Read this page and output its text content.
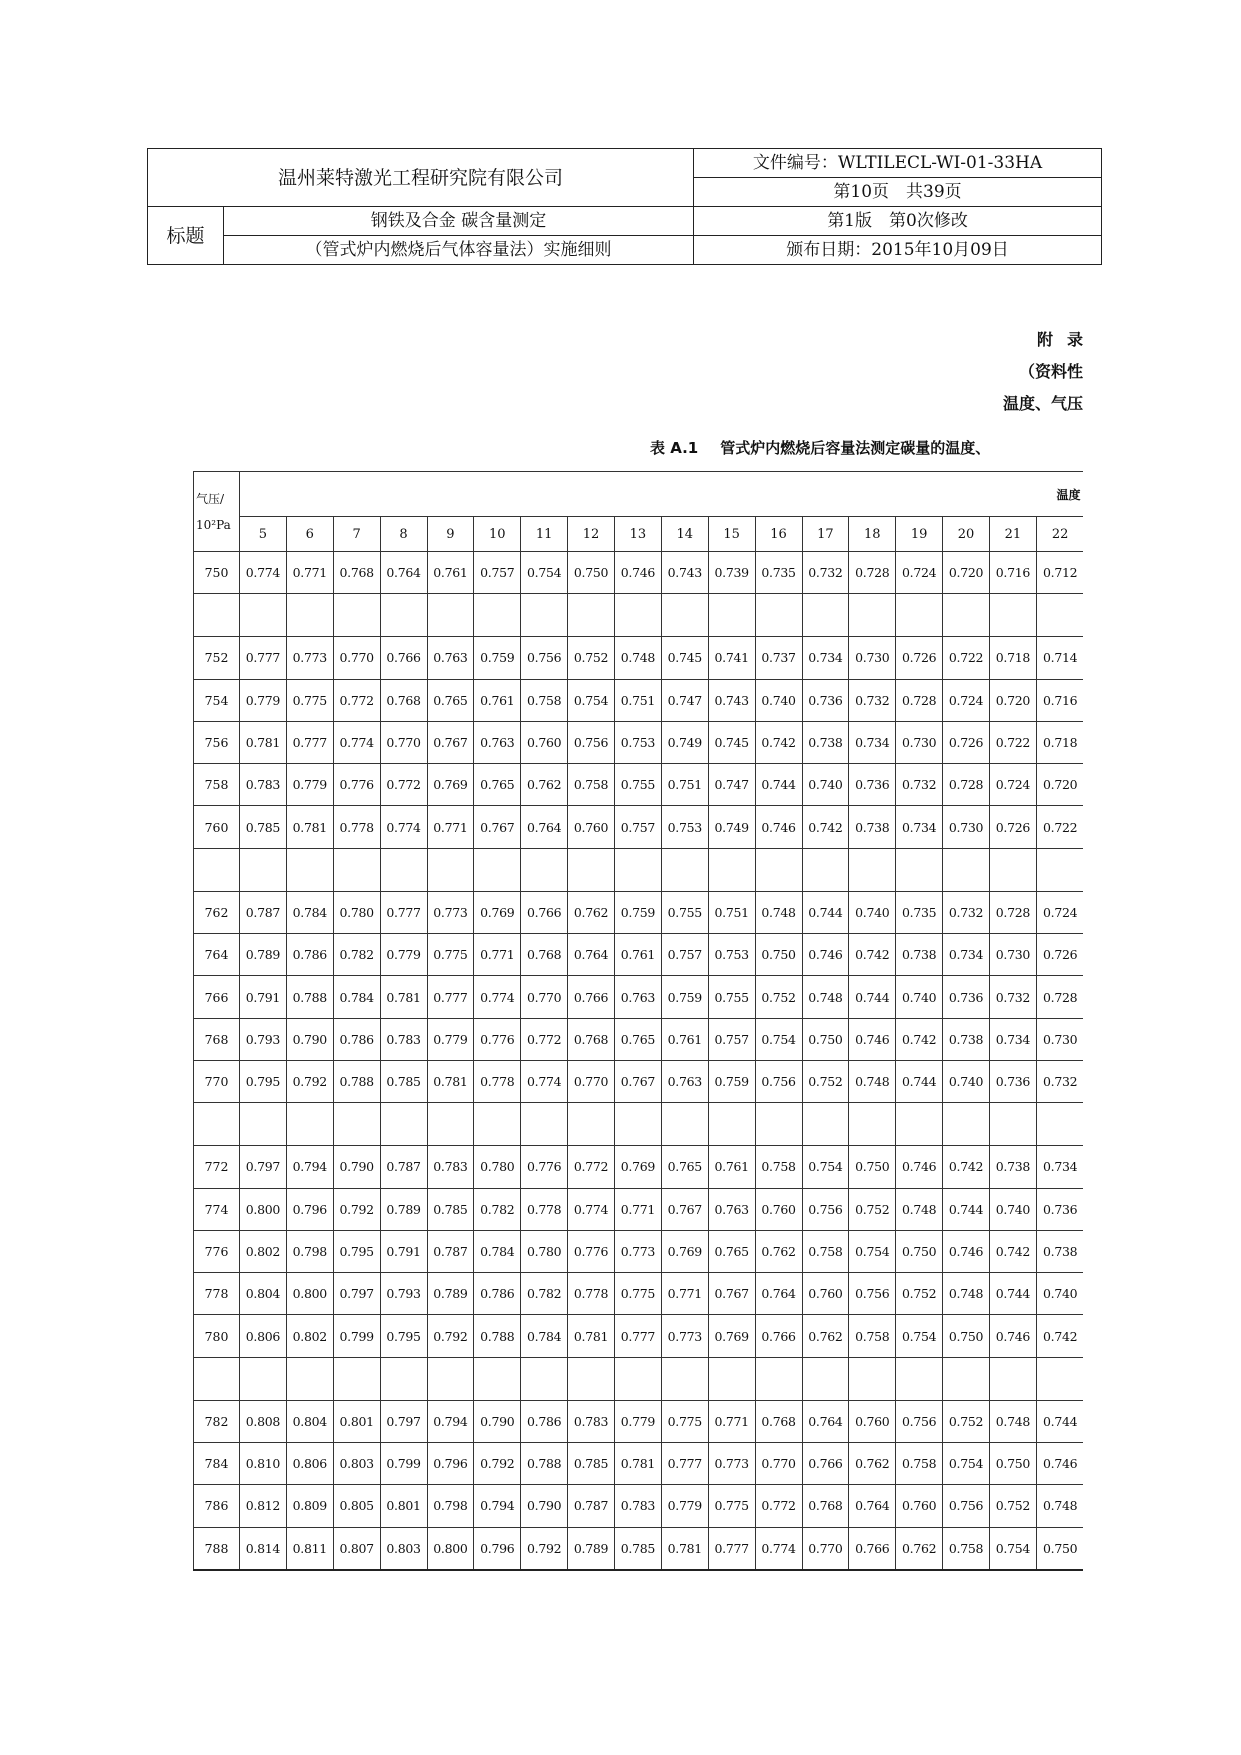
温州莱特激光工程研究院有限公司		文件编号：WLTILECL-WI-01-33HA
		第10页　共39页
标题	钢铁及合金 碳含量测定	第1版　第0次修改
	（管式炉内燃烧后气体容量法）实施细则	颁布日期：2015年10月09日
附录
（资料性
温度、气压
表 A.1 管式炉内燃烧后容量法测定碳量的温度、
气压/
10²Pa	温度																	
	5	6	7	8	9	10	11	12	13	14	15	16	17	18	19	20	21	22
750	0.774	0.771	0.768	0.764	0.761	0.757	0.754	0.750	0.746	0.743	0.739	0.735	0.732	0.728	0.724	0.720	0.716	0.712

752	0.777	0.773	0.770	0.766	0.763	0.759	0.756	0.752	0.748	0.745	0.741	0.737	0.734	0.730	0.726	0.722	0.718	0.714
754	0.779	0.775	0.772	0.768	0.765	0.761	0.758	0.754	0.751	0.747	0.743	0.740	0.736	0.732	0.728	0.724	0.720	0.716
756	0.781	0.777	0.774	0.770	0.767	0.763	0.760	0.756	0.753	0.749	0.745	0.742	0.738	0.734	0.730	0.726	0.722	0.718
758	0.783	0.779	0.776	0.772	0.769	0.765	0.762	0.758	0.755	0.751	0.747	0.744	0.740	0.736	0.732	0.728	0.724	0.720
760	0.785	0.781	0.778	0.774	0.771	0.767	0.764	0.760	0.757	0.753	0.749	0.746	0.742	0.738	0.734	0.730	0.726	0.722

762	0.787	0.784	0.780	0.777	0.773	0.769	0.766	0.762	0.759	0.755	0.751	0.748	0.744	0.740	0.735	0.732	0.728	0.724
764	0.789	0.786	0.782	0.779	0.775	0.771	0.768	0.764	0.761	0.757	0.753	0.750	0.746	0.742	0.738	0.734	0.730	0.726
766	0.791	0.788	0.784	0.781	0.777	0.774	0.770	0.766	0.763	0.759	0.755	0.752	0.748	0.744	0.740	0.736	0.732	0.728
768	0.793	0.790	0.786	0.783	0.779	0.776	0.772	0.768	0.765	0.761	0.757	0.754	0.750	0.746	0.742	0.738	0.734	0.730
770	0.795	0.792	0.788	0.785	0.781	0.778	0.774	0.770	0.767	0.763	0.759	0.756	0.752	0.748	0.744	0.740	0.736	0.732

772	0.797	0.794	0.790	0.787	0.783	0.780	0.776	0.772	0.769	0.765	0.761	0.758	0.754	0.750	0.746	0.742	0.738	0.734
774	0.800	0.796	0.792	0.789	0.785	0.782	0.778	0.774	0.771	0.767	0.763	0.760	0.756	0.752	0.748	0.744	0.740	0.736
776	0.802	0.798	0.795	0.791	0.787	0.784	0.780	0.776	0.773	0.769	0.765	0.762	0.758	0.754	0.750	0.746	0.742	0.738
778	0.804	0.800	0.797	0.793	0.789	0.786	0.782	0.778	0.775	0.771	0.767	0.764	0.760	0.756	0.752	0.748	0.744	0.740
780	0.806	0.802	0.799	0.795	0.792	0.788	0.784	0.781	0.777	0.773	0.769	0.766	0.762	0.758	0.754	0.750	0.746	0.742

782	0.808	0.804	0.801	0.797	0.794	0.790	0.786	0.783	0.779	0.775	0.771	0.768	0.764	0.760	0.756	0.752	0.748	0.744
784	0.810	0.806	0.803	0.799	0.796	0.792	0.788	0.785	0.781	0.777	0.773	0.770	0.766	0.762	0.758	0.754	0.750	0.746
786	0.812	0.809	0.805	0.801	0.798	0.794	0.790	0.787	0.783	0.779	0.775	0.772	0.768	0.764	0.760	0.756	0.752	0.748
788	0.814	0.811	0.807	0.803	0.800	0.796	0.792	0.789	0.785	0.781	0.777	0.774	0.770	0.766	0.762	0.758	0.754	0.750
